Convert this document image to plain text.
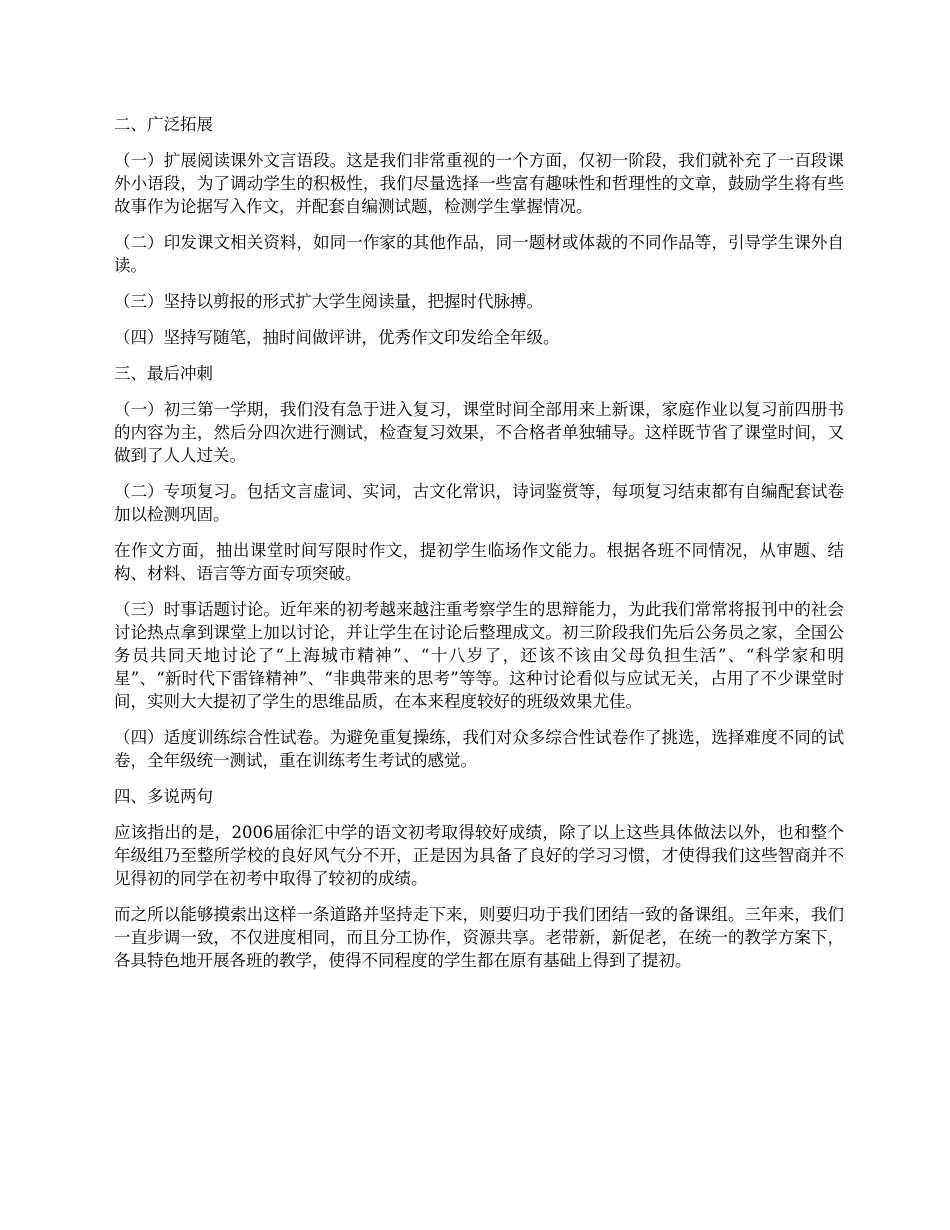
二、广泛拓展

（一）扩展阅读课外文言语段。这是我们非常重视的一个方面，仅初一阶段，我们就补充了一百段课外小语段，为了调动学生的积极性，我们尽量选择一些富有趣味性和哲理性的文章，鼓励学生将有些故事作为论据写入作文，并配套自编测试题，检测学生掌握情况。

（二）印发课文相关资料，如同一作家的其他作品，同一题材或体裁的不同作品等，引导学生课外自读。

（三）坚持以剪报的形式扩大学生阅读量，把握时代脉搏。

（四）坚持写随笔，抽时间做评讲，优秀作文印发给全年级。

三、最后冲刺

（一）初三第一学期，我们没有急于进入复习，课堂时间全部用来上新课，家庭作业以复习前四册书的内容为主，然后分四次进行测试，检查复习效果，不合格者单独辅导。这样既节省了课堂时间，又做到了人人过关。

（二）专项复习。包括文言虚词、实词，古文化常识，诗词鉴赏等，每项复习结束都有自编配套试卷加以检测巩固。

在作文方面，抽出课堂时间写限时作文，提初学生临场作文能力。根据各班不同情况，从审题、结构、材料、语言等方面专项突破。

（三）时事话题讨论。近年来的初考越来越注重考察学生的思辩能力，为此我们常常将报刊中的社会讨论热点拿到课堂上加以讨论，并让学生在讨论后整理成文。初三阶段我们先后公务员之家，全国公务员共同天地讨论了“上海城市精神”、“十八岁了，还该不该由父母负担生活”、“科学家和明星”、“新时代下雷锋精神”、“非典带来的思考”等等。这种讨论看似与应试无关，占用了不少课堂时间，实则大大提初了学生的思维品质，在本来程度较好的班级效果尤佳。

（四）适度训练综合性试卷。为避免重复操练，我们对众多综合性试卷作了挑选，选择难度不同的试卷，全年级统一测试，重在训练考生考试的感觉。

四、多说两句

应该指出的是，2006届徐汇中学的语文初考取得较好成绩，除了以上这些具体做法以外，也和整个年级组乃至整所学校的良好风气分不开，正是因为具备了良好的学习习惯，才使得我们这些智商并不见得初的同学在初考中取得了较初的成绩。

而之所以能够摸索出这样一条道路并坚持走下来，则要归功于我们团结一致的备课组。三年来，我们一直步调一致，不仅进度相同，而且分工协作，资源共享。老带新，新促老，在统一的教学方案下，各具特色地开展各班的教学，使得不同程度的学生都在原有基础上得到了提初。
